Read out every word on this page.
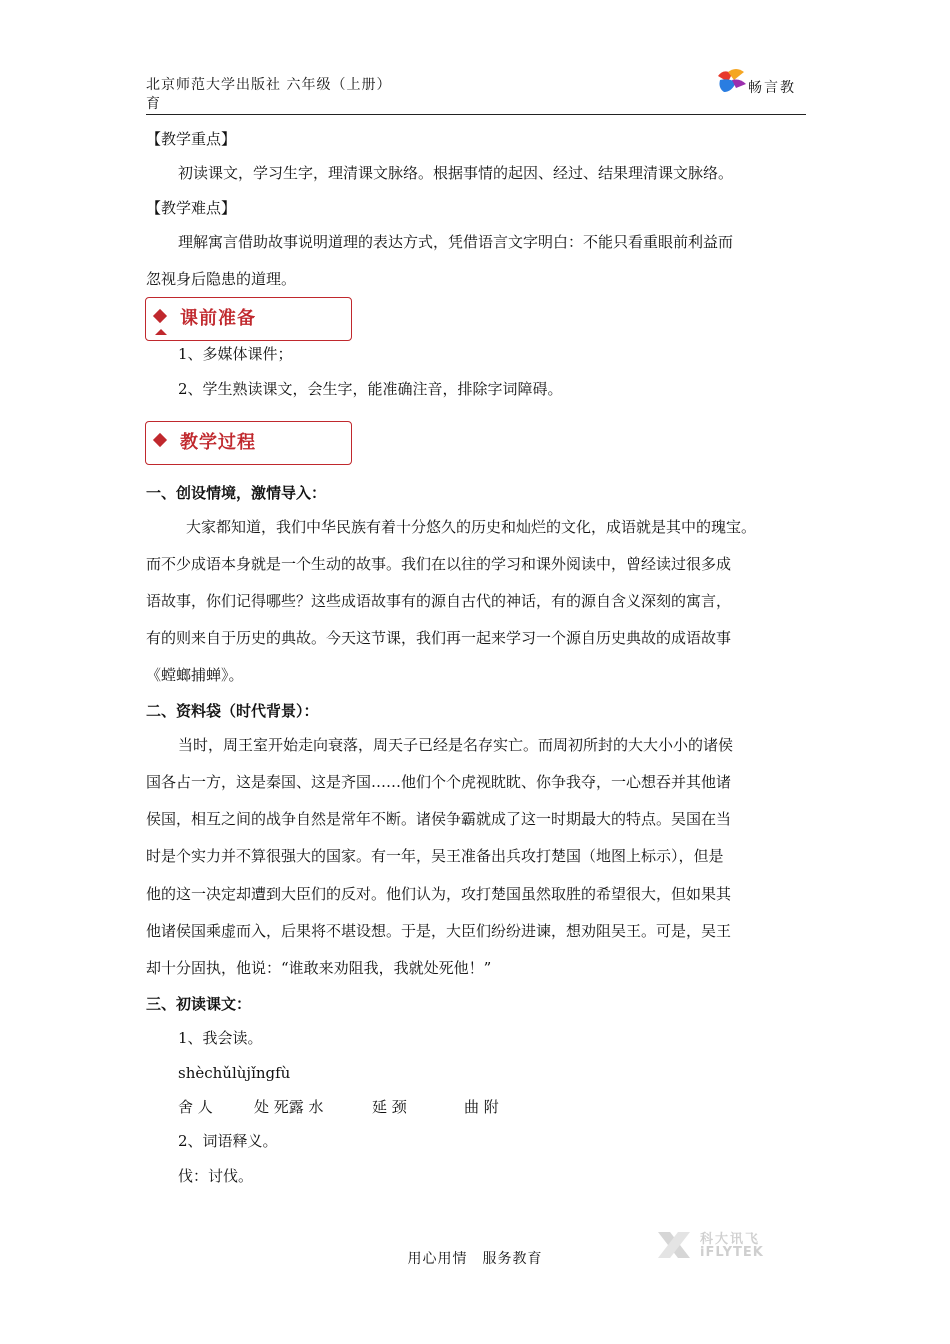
北京师范大学出版社 六年级（上册）
育
畅言教
【教学重点】
初读课文，学习生字，理清课文脉络。根据事情的起因、经过、结果理清课文脉络。
【教学难点】
理解寓言借助故事说明道理的表达方式，凭借语言文字明白：不能只看重眼前利益而
忽视身后隐患的道理。
课前准备
1、多媒体课件；
2、学生熟读课文，会生字，能准确注音，排除字词障碍。
教学过程
一、创设情境，激情导入：
大家都知道，我们中华民族有着十分悠久的历史和灿烂的文化，成语就是其中的瑰宝。
而不少成语本身就是一个生动的故事。我们在以往的学习和课外阅读中，曾经读过很多成
语故事，你们记得哪些？这些成语故事有的源自古代的神话，有的源自含义深刻的寓言，
有的则来自于历史的典故。今天这节课，我们再一起来学习一个源自历史典故的成语故事
《螳螂捕蝉》。
二、资料袋（时代背景）：
当时，周王室开始走向衰落，周天子已经是名存实亡。而周初所封的大大小小的诸侯
国各占一方，这是秦国、这是齐国……他们个个虎视眈眈、你争我夺，一心想吞并其他诸
侯国，相互之间的战争自然是常年不断。诸侯争霸就成了这一时期最大的特点。吴国在当
时是个实力并不算很强大的国家。有一年，吴王准备出兵攻打楚国（地图上标示），但是
他的这一决定却遭到大臣们的反对。他们认为，攻打楚国虽然取胜的希望很大，但如果其
他诸侯国乘虚而入，后果将不堪设想。于是，大臣们纷纷进谏，想劝阻吴王。可是，吴王
却十分固执，他说：“谁敢来劝阻我，我就处死他！”
三、初读课文：
1、我会读。
shèchǔlùjǐngfù
舍 人	处 死露 水	延 颈	曲 附
2、词语释义。
伐：讨伐。
用心用情　服务教育
科大讯飞
iFLYTEK
